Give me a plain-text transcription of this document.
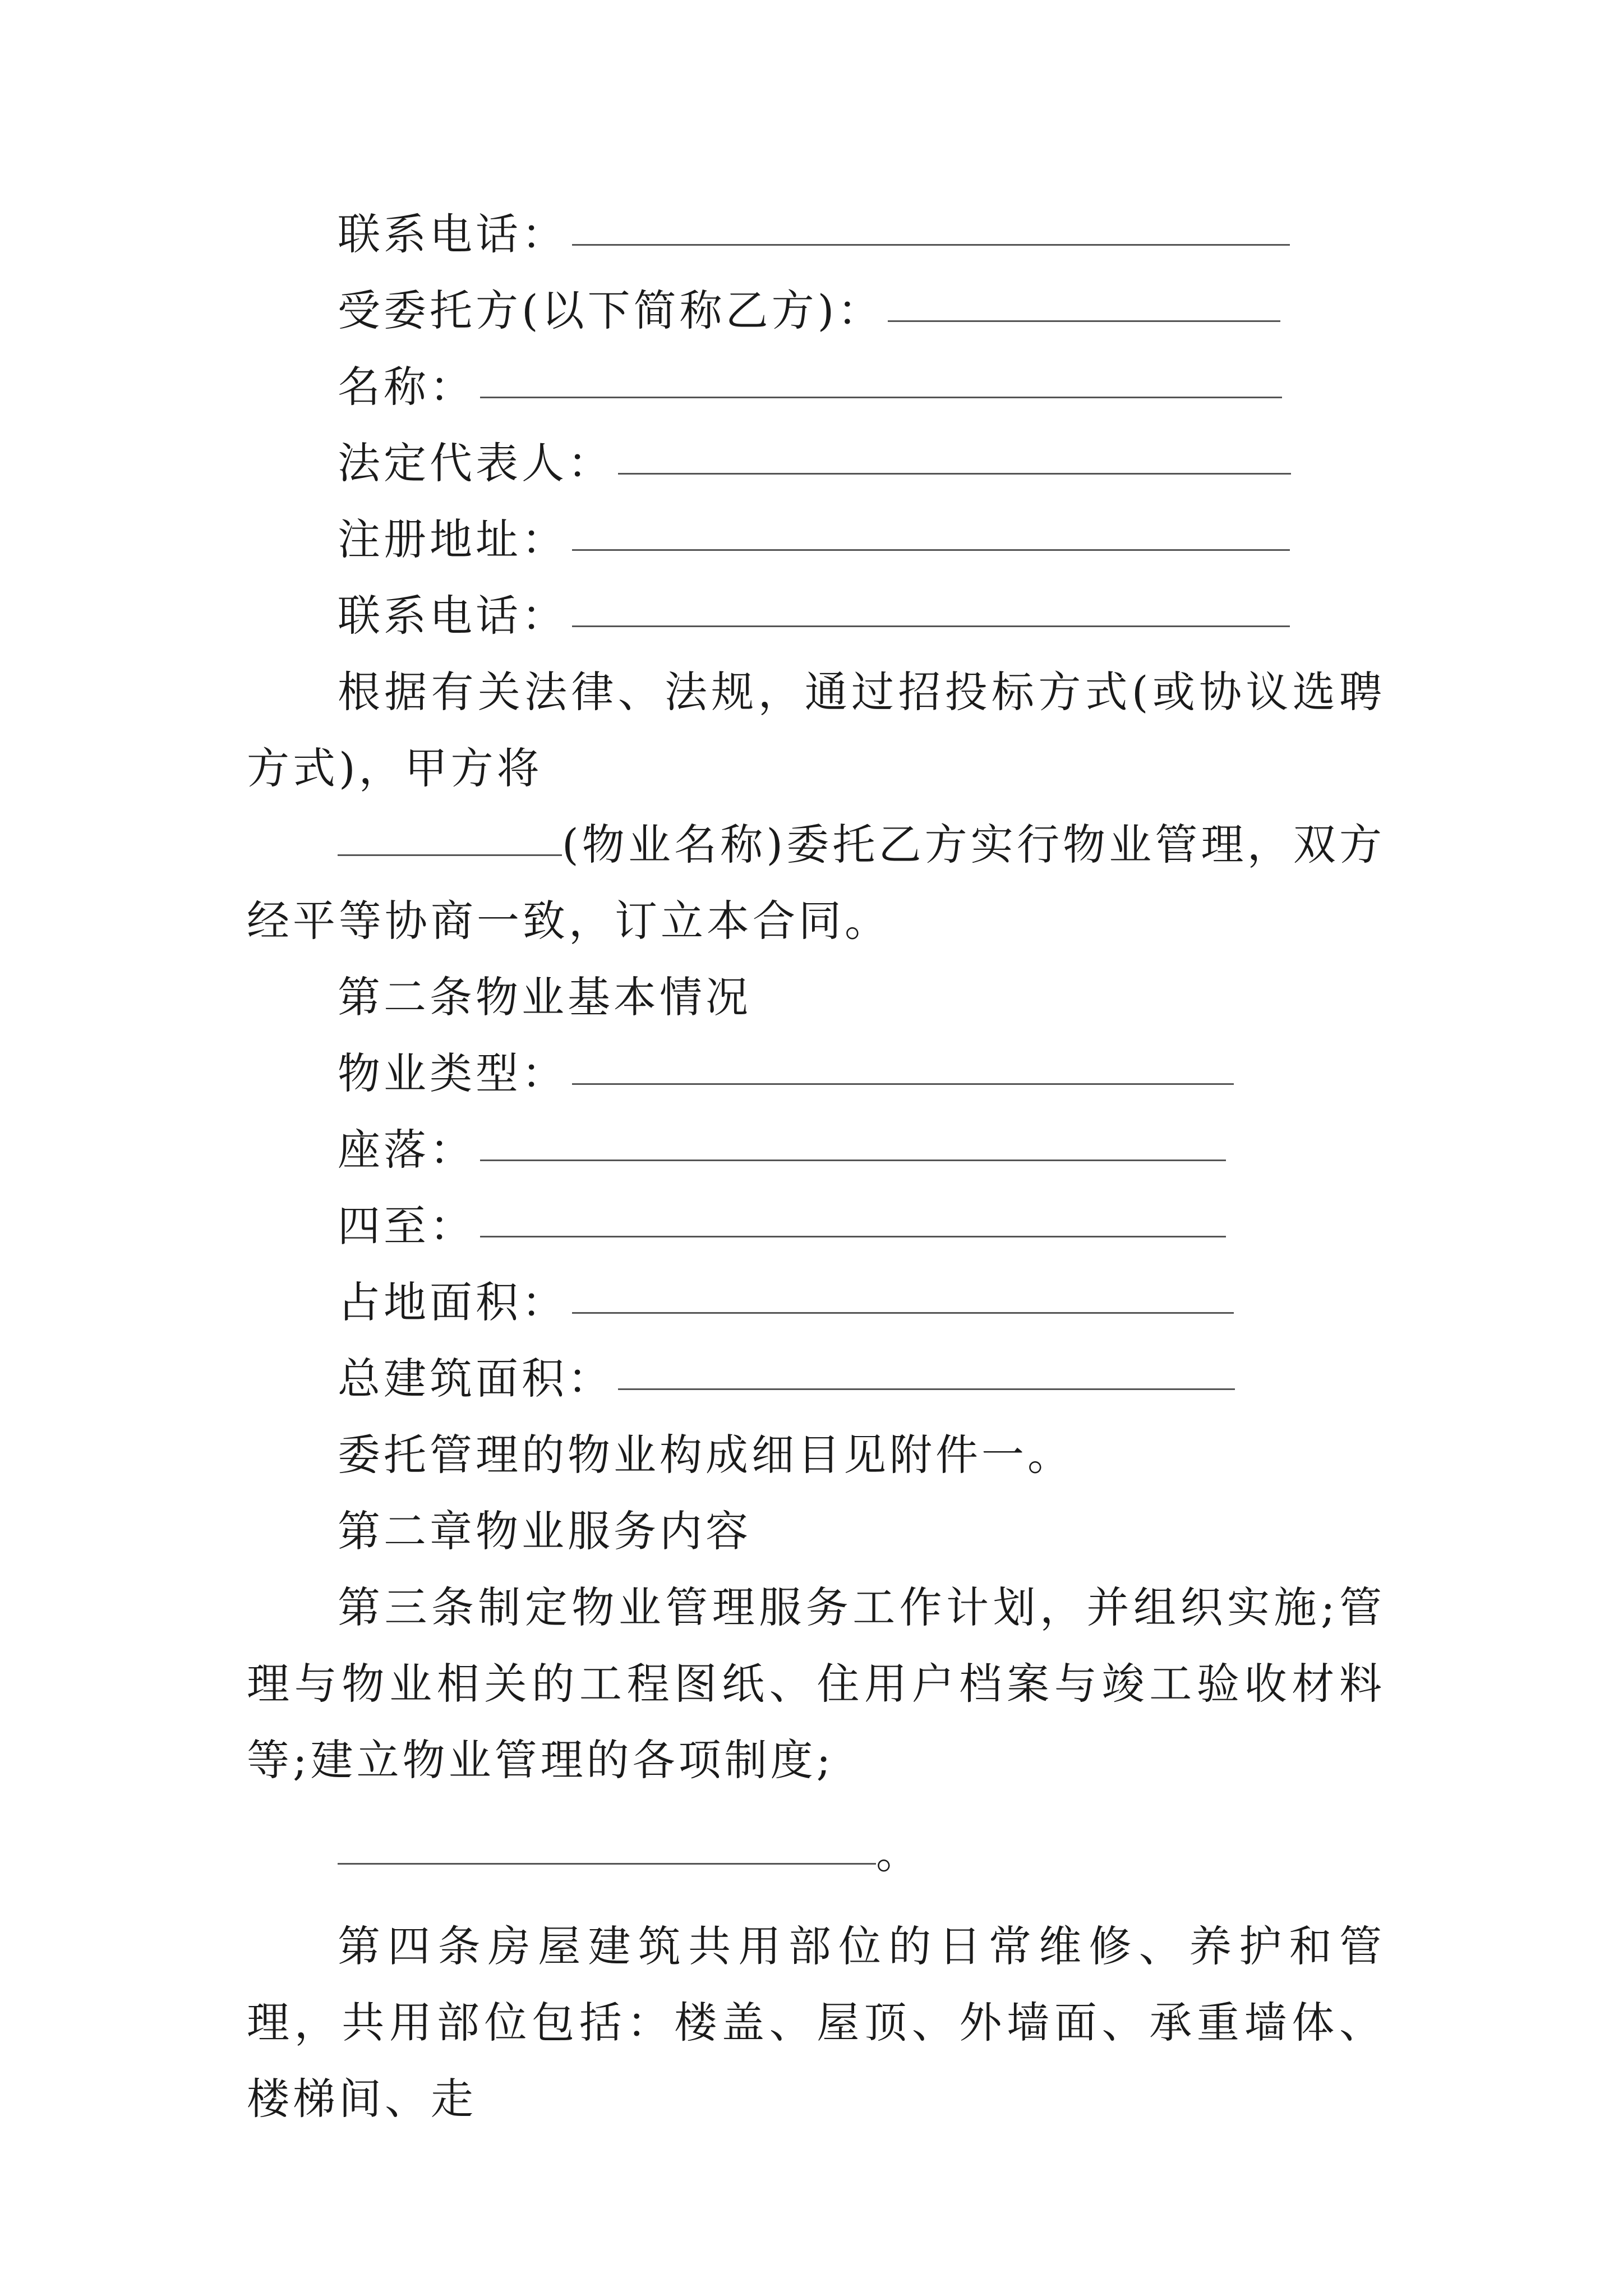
联系电话：
受委托方(以下简称乙方)：
名称：
法定代表人：
注册地址：
联系电话：
根据有关法律、法规，通过招投标方式(或协议选聘方式)，甲方将
(物业名称)委托乙方实行物业管理，双方经平等协商一致，订立本合同。
第二条物业基本情况
物业类型：
座落：
四至：
占地面积：
总建筑面积：
委托管理的物业构成细目见附件一。
第二章物业服务内容
第三条制定物业管理服务工作计划，并组织实施;管理与物业相关的工程图纸、住用户档案与竣工验收材料等;建立物业管理的各项制度;
。
第四条房屋建筑共用部位的日常维修、养护和管理，共用部位包括：楼盖、屋顶、外墙面、承重墙体、楼梯间、走
